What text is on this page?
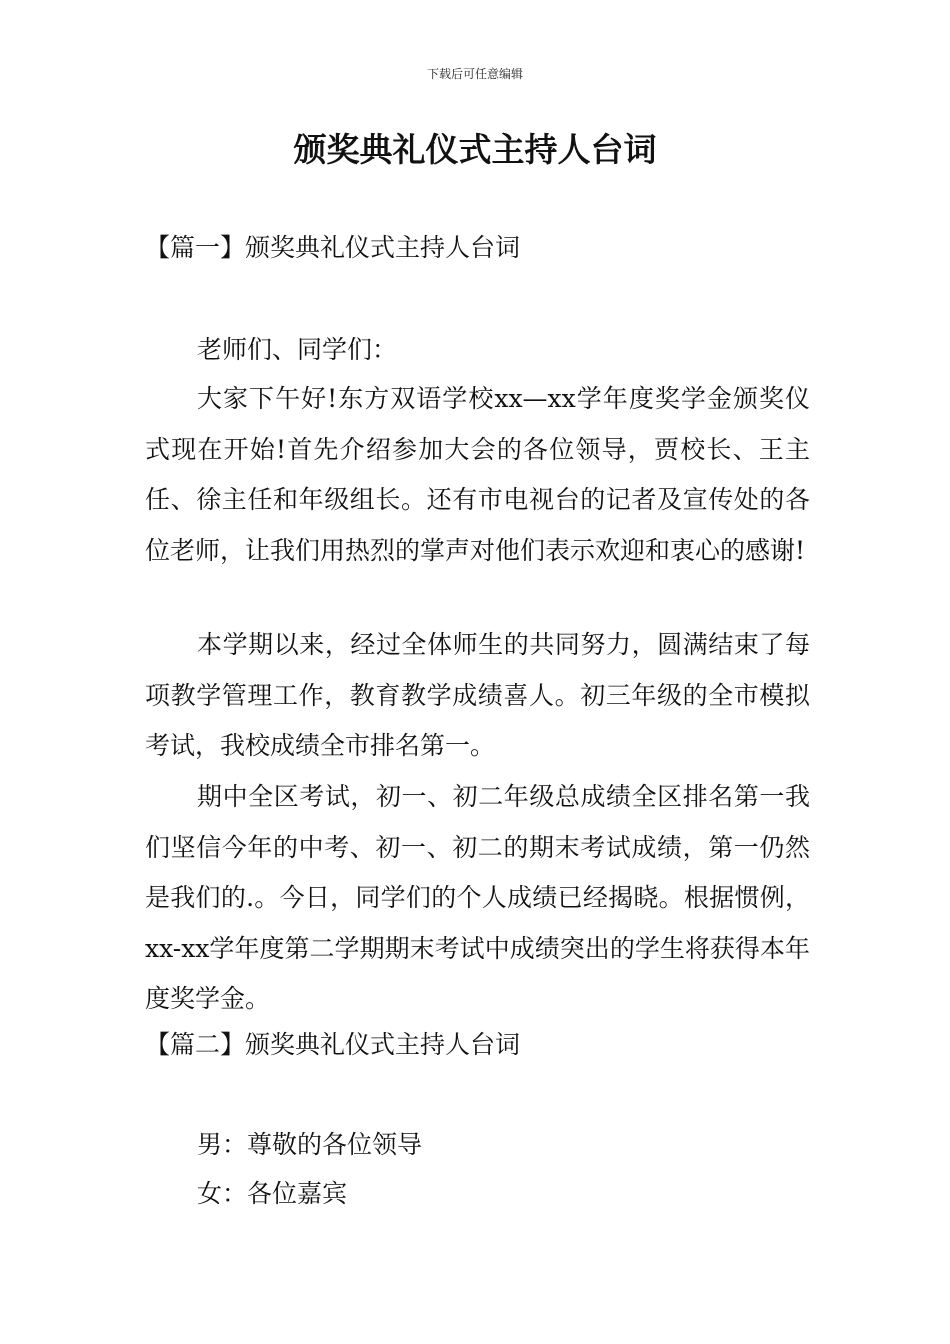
下载后可任意编辑
颁奖典礼仪式主持人台词
【篇一】颁奖典礼仪式主持人台词

老师们、同学们：

大家下午好!东方双语学校xx—xx学年度奖学金颁奖仪式现在开始!首先介绍参加大会的各位领导，贾校长、王主任、徐主任和年级组长。还有市电视台的记者及宣传处的各位老师，让我们用热烈的掌声对他们表示欢迎和衷心的感谢!

本学期以来，经过全体师生的共同努力，圆满结束了每项教学管理工作，教育教学成绩喜人。初三年级的全市模拟考试，我校成绩全市排名第一。

期中全区考试，初一、初二年级总成绩全区排名第一我们坚信今年的中考、初一、初二的期末考试成绩，第一仍然是我们的.。今日，同学们的个人成绩已经揭晓。根据惯例，xx-xx学年度第二学期期末考试中成绩突出的学生将获得本年度奖学金。

【篇二】颁奖典礼仪式主持人台词

男：尊敬的各位领导

女：各位嘉宾
